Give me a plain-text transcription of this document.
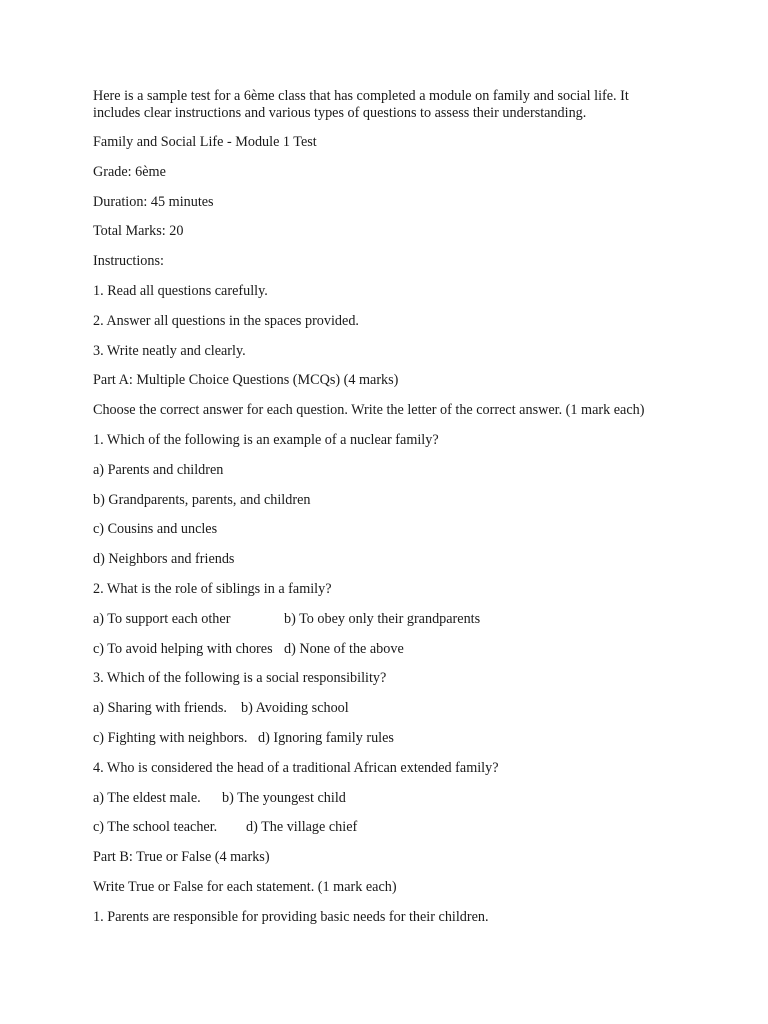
Here is a sample test for a 6ème class that has completed a module on family and social life. It includes clear instructions and various types of questions to assess their understanding.

Family and Social Life - Module 1 Test

Grade: 6ème

Duration: 45 minutes

Total Marks: 20

Instructions:

1. Read all questions carefully.

2. Answer all questions in the spaces provided.

3. Write neatly and clearly.

Part A: Multiple Choice Questions (MCQs) (4 marks)

Choose the correct answer for each question. Write the letter of the correct answer. (1 mark each)

1. Which of the following is an example of a nuclear family?

a) Parents and children

b) Grandparents, parents, and children

c) Cousins and uncles

d) Neighbors and friends

2. What is the role of siblings in a family?

a) To support each other	b) To obey only their grandparents

c) To avoid helping with chores d) None of the above

3. Which of the following is a social responsibility?

a) Sharing with friends. b) Avoiding school

c) Fighting with neighbors. d) Ignoring family rules

4. Who is considered the head of a traditional African extended family?

a) The eldest male. b) The youngest child

c) The school teacher. d) The village chief

Part B: True or False (4 marks)

Write True or False for each statement. (1 mark each)

1. Parents are responsible for providing basic needs for their children.
